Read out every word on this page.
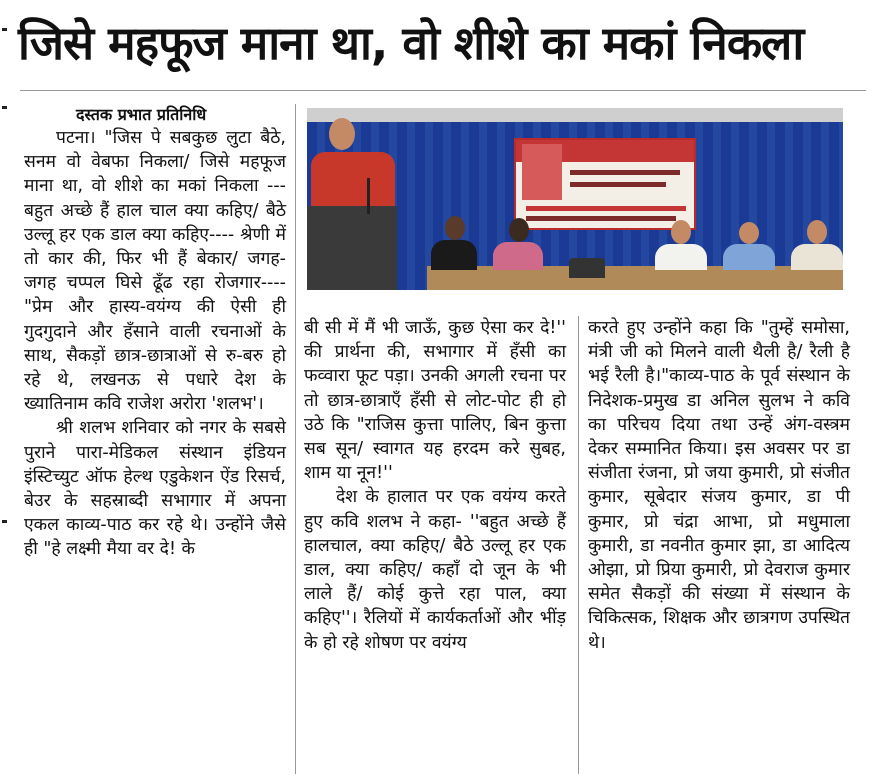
जिसे महफूज माना था, वो शीशे का मकां निकला

दस्तक प्रभात प्रतिनिधि

पटना। "जिस पे सबकुछ लुटा बैठे, सनम वो वेबफा निकला/ जिसे महफूज माना था, वो शीशे का मकां निकला --- बहुत अच्छे हैं हाल चाल क्या कहिए/ बैठे उल्लू हर एक डाल क्या कहिए---- श्रेणी में तो कार की, फिर भी हैं बेकार/ जगह-जगह चप्पल घिसे ढूँढ रहा रोजगार---- "प्रेम और हास्य-वयंग्य की ऐसी ही गुदगुदाने और हँसाने वाली रचनाओं के साथ, सैकड़ों छात्र-छात्राओं से रु-बरु हो रहे थे, लखनऊ से पधारे देश के ख्यातिनाम कवि राजेश अरोरा 'शलभ'।

श्री शलभ शनिवार को नगर के सबसे पुराने पारा-मेडिकल संस्थान इंडियन इंस्टिच्युट ऑफ हेल्थ एडुकेशन ऐंड रिसर्च, बेउर के सहस्राब्दी सभागार में अपना एकल काव्य-पाठ कर रहे थे। उन्होंने जैसे ही "हे लक्ष्मी मैया वर दे! के

बी सी में मैं भी जाऊँ, कुछ ऐसा कर दे!'' की प्रार्थना की, सभागार में हँसी का फव्वारा फूट पड़ा। उनकी अगली रचना पर तो छात्र-छात्राएँ हँसी से लोट-पोट ही हो उठे कि "राजिस कुत्ता पालिए, बिन कुत्ता सब सून/ स्वागत यह हरदम करे सुबह, शाम या नून!''

देश के हालात पर एक वयंग्य करते हुए कवि शलभ ने कहा- ''बहुत अच्छे हैं हालचाल, क्या कहिए/ बैठे उल्लू हर एक डाल, क्या कहिए/ कहाँ दो जून के भी लाले हैं/ कोई कुत्ते रहा पाल, क्या कहिए''। रैलियों में कार्यकर्ताओं और भींड़ के हो रहे शोषण पर वयंग्य

करते हुए उन्होंने कहा कि "तुम्हें समोसा, मंत्री जी को मिलने वाली थैली है/ रैली है भई रैली है।"काव्य-पाठ के पूर्व संस्थान के निदेशक-प्रमुख डा अनिल सुलभ ने कवि का परिचय दिया तथा उन्हें अंग-वस्त्रम देकर सम्मानित किया। इस अवसर पर डा संजीता रंजना, प्रो जया कुमारी, प्रो संजीत कुमार, सूबेदार संजय कुमार, डा पी कुमार, प्रो चंद्रा आभा, प्रो मधुमाला कुमारी, डा नवनीत कुमार झा, डा आदित्य ओझा, प्रो प्रिया कुमारी, प्रो देवराज कुमार समेत सैकड़ों की संख्या में संस्थान के चिकित्सक, शिक्षक और छात्रगण उपस्थित थे।
